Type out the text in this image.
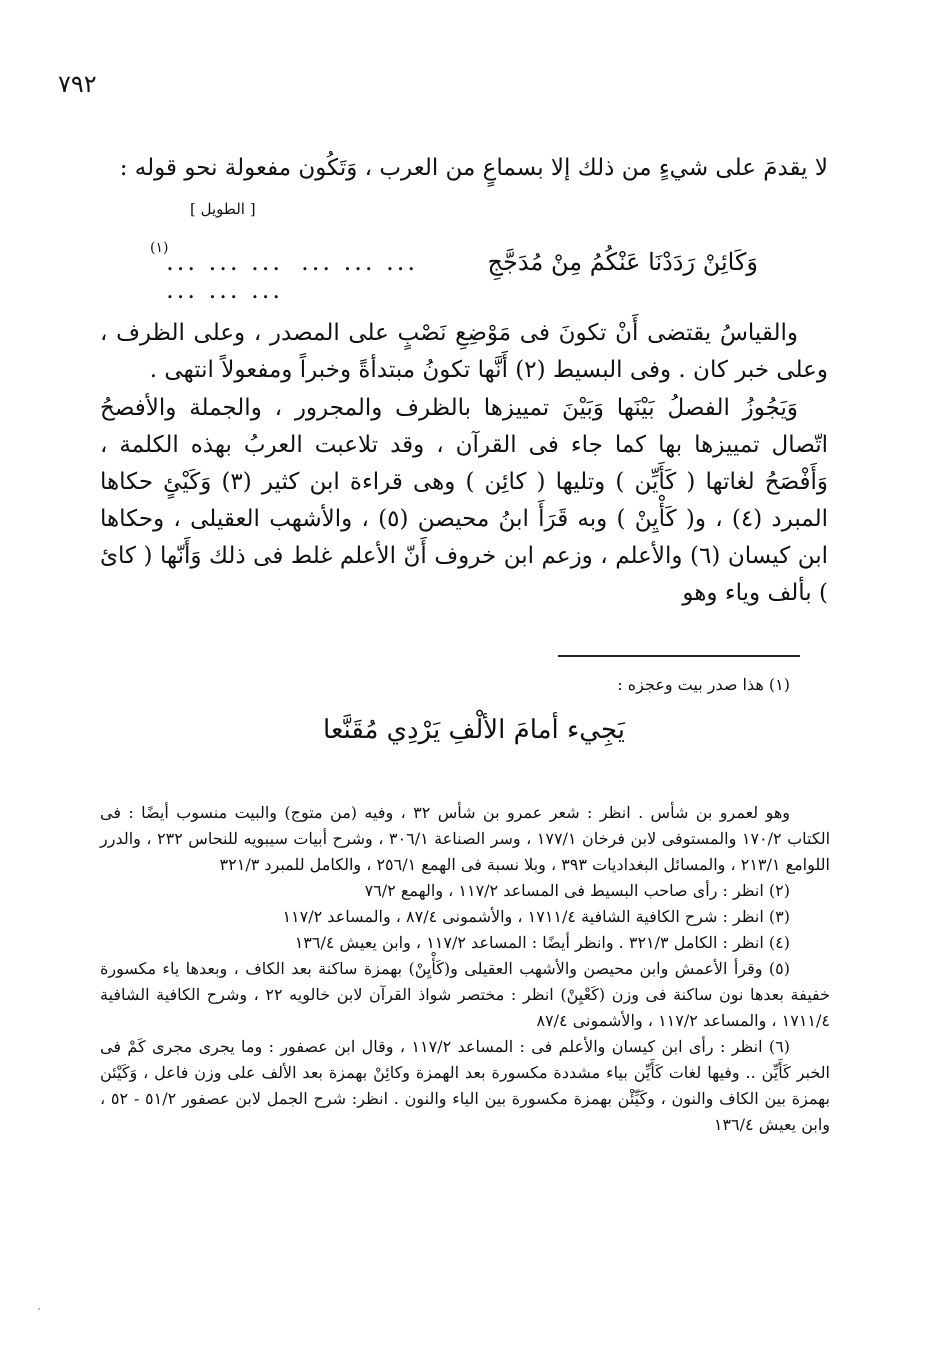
٧٩٢

لا يقدمَ على شيءٍ من ذلك إلا بسماعٍ من العرب ، وَتَكُون مفعولة نحو قوله :

[ الطويل ]
وَكَائِنْ رَدَدْنَا عَنْكُمُ مِنْ مُدَجَّجِ
... ... ...
... ... ... ... ... ...
(١)
والقياسُ يقتضى أَنْ تكونَ فى مَوْضِعِ نَصْبٍ على المصدر ، وعلى الظرف ، وعلى خبر كان . وفى البسيط (٢) أَنَّها تكونُ مبتدأةً وخبراً ومفعولاً انتهى .
وَيَجُوزُ الفصلُ بَيْنَها وَبَيْنَ تمييزها بالظرف والمجرور ، والجملة والأفصحُ اتّصال تمييزها بها كما جاء فى القرآن ، وقد تلاعبت العربُ بهذه الكلمة ، وَأَفْصَحُ لغاتها ( كَأَيِّن ) وتليها ( كائِن ) وهى قراءة ابن كثير (٣) وَكَيْئٍ حكاها المبرد (٤) ، و( كَأْيِنْ ) وبه قَرَأَ ابنُ محيصن (٥) ، والأشهب العقيلى ، وحكاها ابن كيسان (٦) والأعلم ، وزعم ابن خروف أَنّ الأعلم غلط فى ذلك وَأَنّها ( كاىٔ ) بألف وياء وهو

(١) هذا صدر بيت وعجزه :

يَجِيء أمامَ الألْفِ يَرْدِي مُقَنَّعا

وهو لعمرو بن شأس . انظر : شعر عمرو بن شأس ٣٢ ، وفيه (من متوج) والبيت منسوب أيضًا : فى الكتاب ١٧٠/٢ والمستوفى لابن فرخان ١٧٧/١ ، وسر الصناعة ٣٠٦/١ ، وشرح أبيات سيبويه للنحاس ٢٣٢ ، والدرر اللوامع ٢١٣/١ ، والمسائل البغداديات ٣٩٣ ، وبلا نسبة فى الهمع ٢٥٦/١ ، والكامل للمبرد ٣٢١/٣

(٢) انظر : رأى صاحب البسيط فى المساعد ١١٧/٢ ، والهمع ٧٦/٢

(٣) انظر : شرح الكافية الشافية ١٧١١/٤ ، والأشمونى ٨٧/٤ ، والمساعد ١١٧/٢

(٤) انظر : الكامل ٣٢١/٣ . وانظر أيضًا : المساعد ١١٧/٢ ، وابن يعيش ١٣٦/٤

(٥) وقرأ الأعمش وابن محيصن والأشهب العقيلى و(كَأْيِنْ) بهمزة ساكنة بعد الكاف ، وبعدها ياء مكسورة خفيفة بعدها نون ساكنة فى وزن (كَعْيِنْ) انظر : مختصر شواذ القرآن لابن خالويه ٢٢ ، وشرح الكافية الشافية ١٧١١/٤ ، والمساعد ١١٧/٢ ، والأشمونى ٨٧/٤

(٦) انظر : رأى ابن كيسان والأعلم فى : المساعد ١١٧/٢ ، وقال ابن عصفور : وما يجرى مجرى كَمْ فى الخبر كَأَيِّن .. وفيها لغات كَأَيِّن بياء مشددة مكسورة بعد الهمزة وكائِنْ بهمزة بعد الألف على وزن فاعل ، وَكَيْئن بهمزة بين الكاف والنون ، وكَيِّئْن بهمزة مكسورة بين الياء والنون . انظر: شرح الجمل لابن عصفور ٥١/٢ - ٥٢ ، وابن يعيش ١٣٦/٤
